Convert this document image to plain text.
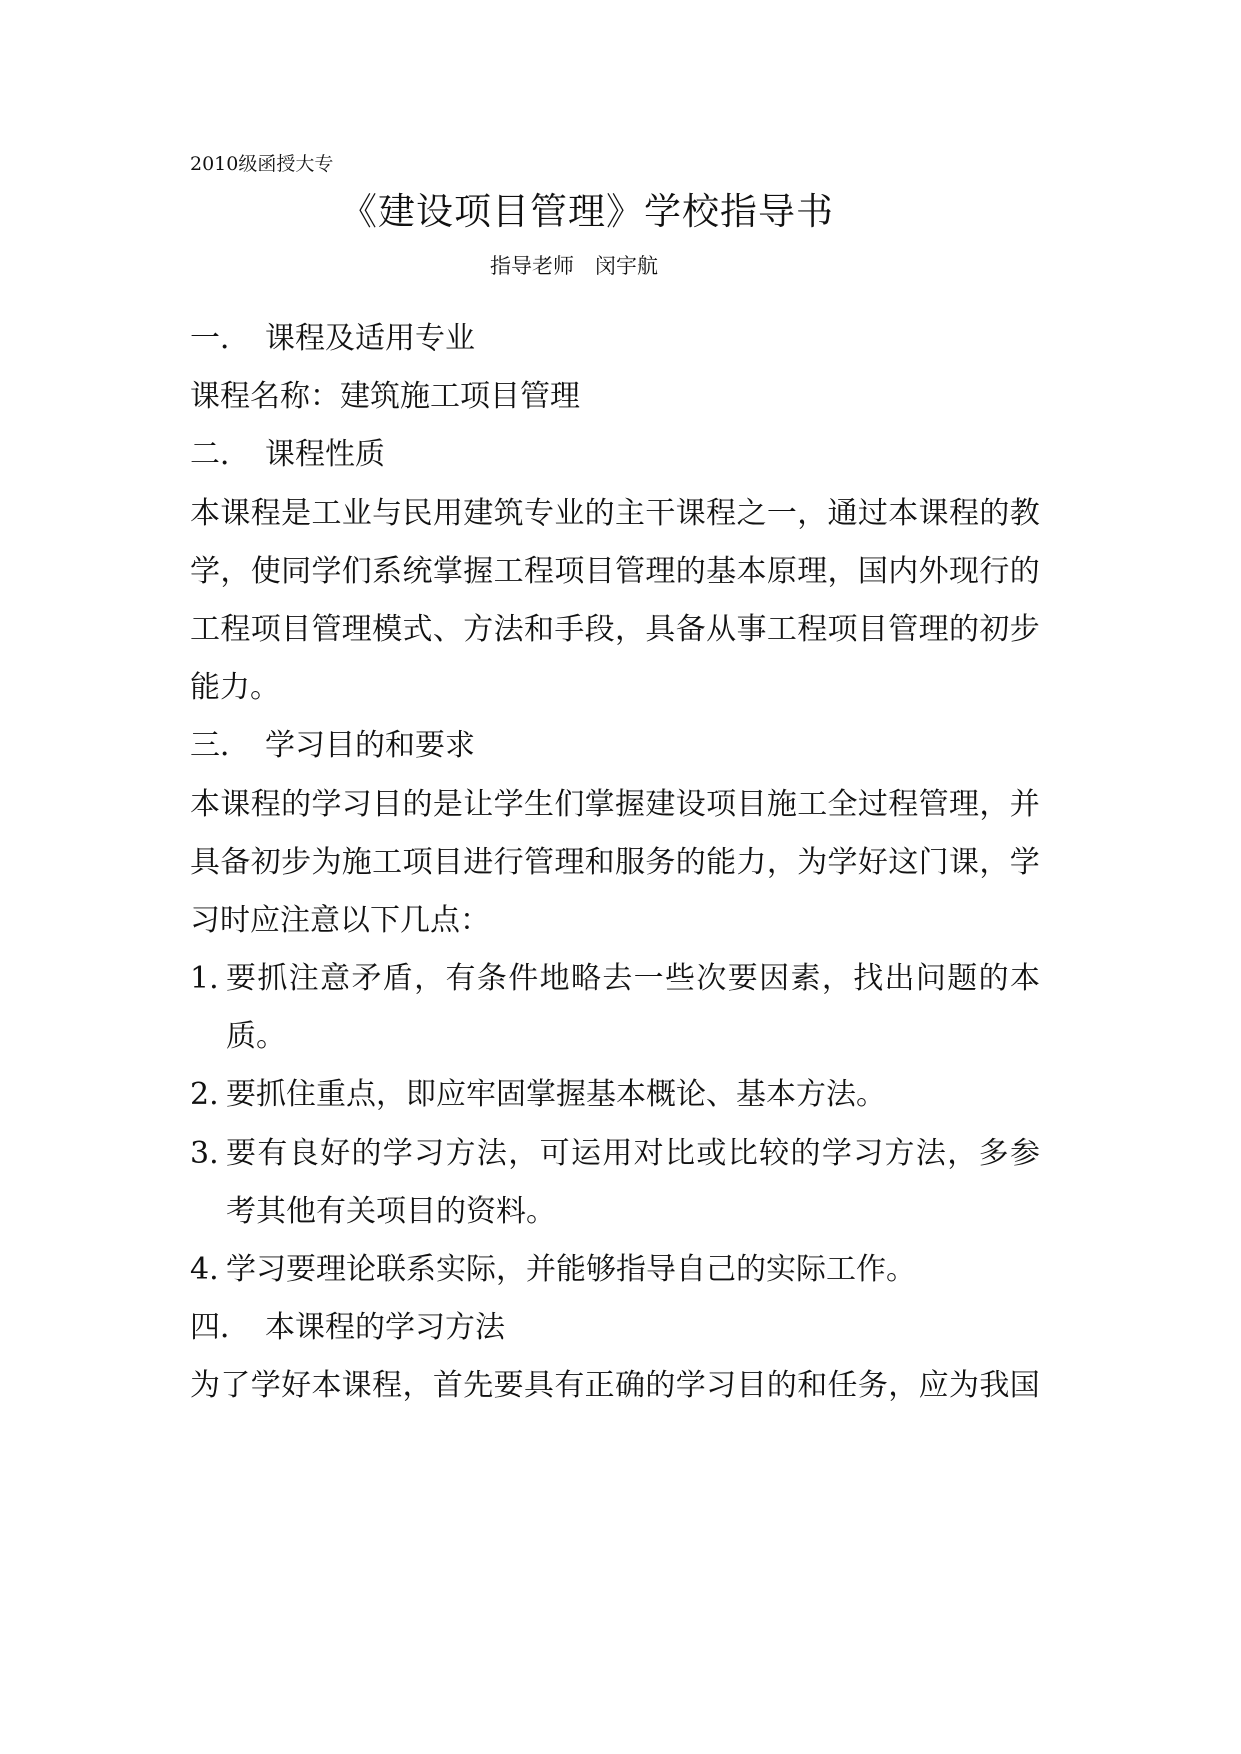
2010级函授大专

《建设项目管理》学校指导书

指导老师　闵宇航

一． 课程及适用专业

课程名称：建筑施工项目管理

二． 课程性质

本 课 程 是 工 业 与 民 用 建 筑 专 业 的 主 干 课 程 之 一 ， 通 过 本 课 程 的 教

学 ， 使 同 学 们 系 统 掌 握 工 程 项 目 管 理 的 基 本 原 理 ， 国 内 外 现 行 的

工 程 项 目 管 理 模 式 、 方 法 和 手 段 ， 具 备 从 事 工 程 项 目 管 理 的 初 步

能力。

三． 学习目的和要求

本 课 程 的 学 习 目 的 是 让 学 生 们 掌 握 建 设 项 目 施 工 全 过 程 管 理 ， 并

具 备 初 步 为 施 工 项 目 进 行 管 理 和 服 务 的 能 力 ， 为 学 好 这 门 课 ， 学

习时应注意以下几点：

1. 要 抓 注 意 矛 盾 ， 有 条 件 地 略 去 一 些 次 要 因 素 ， 找 出 问 题 的 本

质。

2. 要抓住重点，即应牢固掌握基本概论、基本方法。

3. 要 有 良 好 的 学 习 方 法 ， 可 运 用 对 比 或 比 较 的 学 习 方 法 ， 多 参

考其他有关项目的资料。

4. 学习要理论联系实际，并能够指导自己的实际工作。

四． 本课程的学习方法

为 了 学 好 本 课 程 ， 首 先 要 具 有 正 确 的 学 习 目 的 和 任 务 ， 应 为 我 国
